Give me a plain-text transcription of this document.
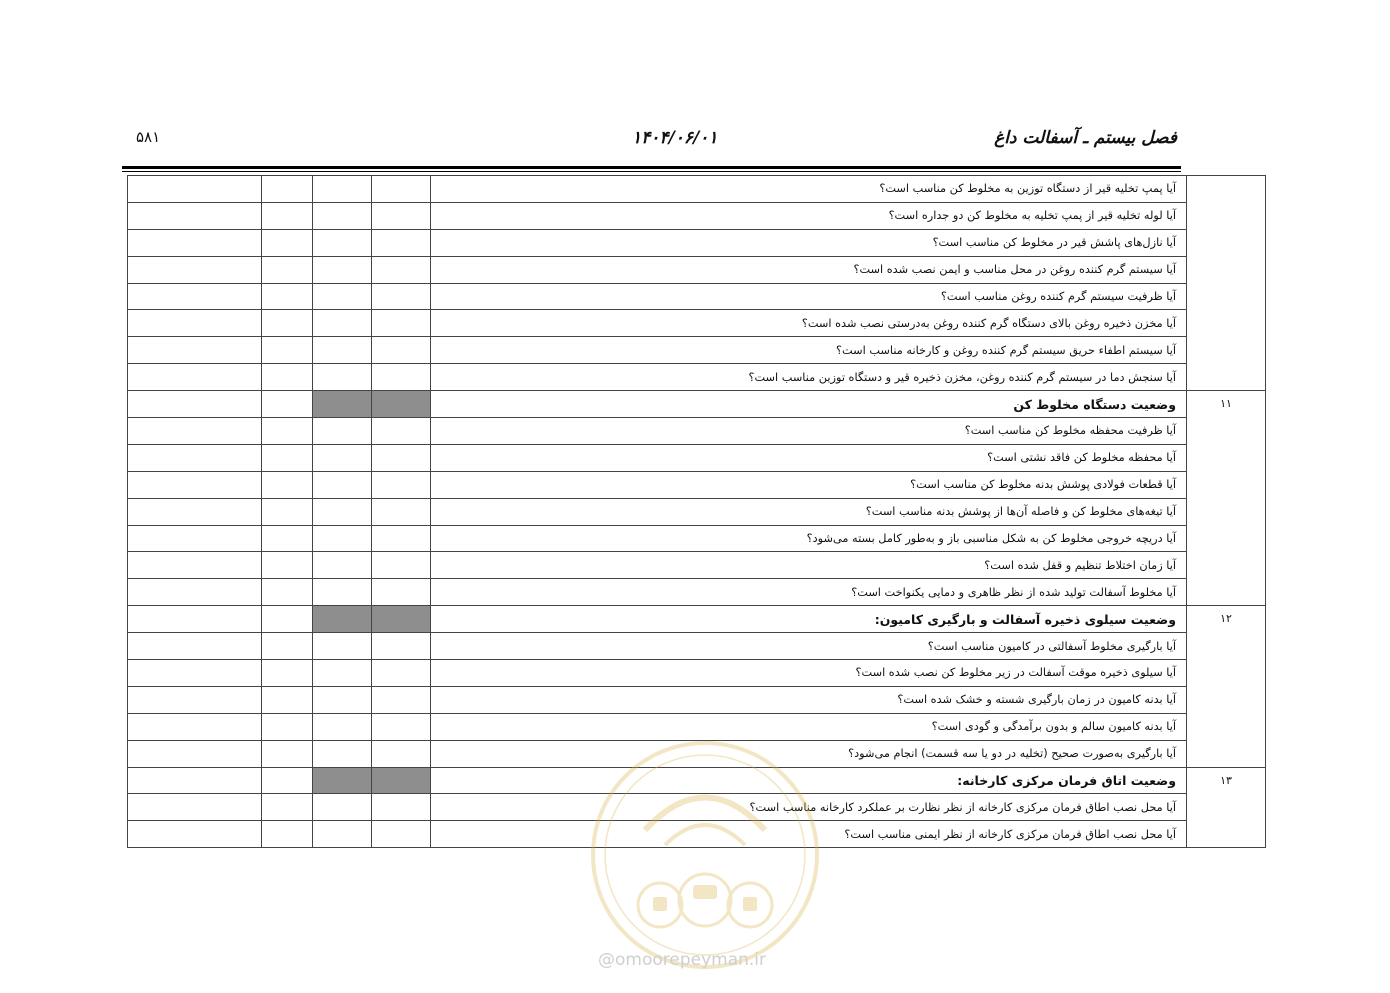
فصل بیستم ـ آسفالت داغ
۱۴۰۴/۰۶/۰۱
۵۸۱
	آیا پمپ تخلیه قیر از دستگاه توزین به مخلوط کن مناسب است؟				
	آیا لوله تخلیه قیر از پمپ تخلیه به مخلوط کن دو جداره است؟				
	آیا نازل‌های پاشش قیر در مخلوط کن مناسب است؟				
	آیا سیستم گرم کننده روغن در محل مناسب و ایمن نصب شده است؟				
	آیا ظرفیت سیستم گرم کننده روغن مناسب است؟				
	آیا مخزن ذخیره روغن بالای دستگاه گرم کننده روغن به‌درستی نصب شده است؟				
	آیا سیستم اطفاء حریق سیستم گرم کننده روغن و کارخانه مناسب است؟				
	آیا سنجش دما در سیستم گرم کننده روغن، مخزن ذخیره قیر و دستگاه توزین مناسب است؟				
۱۱	وضعیت دستگاه مخلوط کن				
	آیا ظرفیت محفظه مخلوط کن مناسب است؟				
	آیا محفظه مخلوط کن فاقد نشتی است؟				
	آیا قطعات فولادی پوشش بدنه مخلوط کن مناسب است؟				
	آیا تیغه‌های مخلوط کن و فاصله آن‌ها از پوشش بدنه مناسب است؟				
	آیا دریچه خروجی مخلوط کن به شکل مناسبی باز و به‌طور کامل بسته می‌شود؟				
	آیا زمان اختلاط تنظیم و قفل شده است؟				
	آیا مخلوط آسفالت تولید شده از نظر ظاهری و دمایی یکنواخت است؟				
۱۲	وضعیت سیلوی ذخیره آسفالت و بارگیری کامیون:				
	آیا بارگیری مخلوط آسفالتی در کامیون مناسب است؟				
	آیا سیلوی ذخیره موقت آسفالت در زیر مخلوط کن نصب شده است؟				
	آیا بدنه کامیون در زمان بارگیری شسته و خشک شده است؟				
	آیا بدنه کامیون سالم و بدون برآمدگی و گودی است؟				
	آیا بارگیری به‌صورت صحیح (تخلیه در دو یا سه قسمت) انجام می‌شود؟				
۱۳	وضعیت اتاق فرمان مرکزی کارخانه:				
	آیا محل نصب اطاق فرمان مرکزی کارخانه از نظر نظارت بر عملکرد کارخانه مناسب است؟				
	آیا محل نصب اطاق فرمان مرکزی کارخانه از نظر ایمنی مناسب است؟				
@omoorepeyman.ir
